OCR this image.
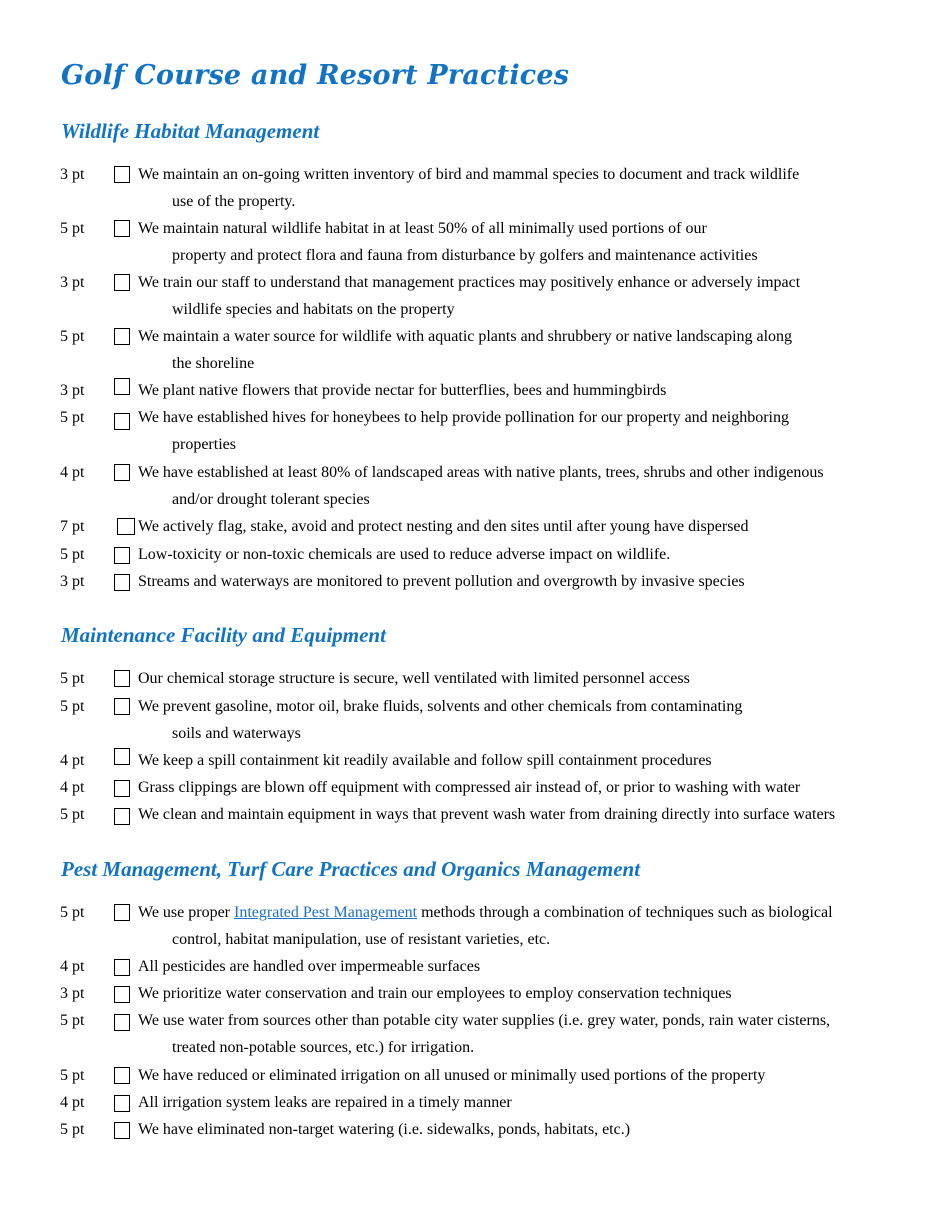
Golf Course and Resort Practices
Wildlife Habitat Management
3 pt	We maintain an on-going written inventory of bird and mammal species to document and track wildlife
use of the property.
5 pt	We maintain natural wildlife habitat in at least 50% of all minimally used portions of our
property and protect flora and fauna from disturbance by golfers and maintenance activities
3 pt	We train our staff to understand that management practices may positively enhance or adversely impact
wildlife species and habitats on the property
5 pt	We maintain a water source for wildlife with aquatic plants and shrubbery or native landscaping along
the shoreline
3 pt	We plant native flowers that provide nectar for butterflies, bees and hummingbirds
5 pt	We have established hives for honeybees to help provide pollination for our property and neighboring
properties
4 pt	We have established at least 80% of landscaped areas with native plants, trees, shrubs and other indigenous
and/or drought tolerant species
7 pt	We actively flag, stake, avoid and protect nesting and den sites until after young have dispersed
5 pt	Low-toxicity or non-toxic chemicals are used to reduce adverse impact on wildlife.
3 pt	Streams and waterways are monitored to prevent pollution and overgrowth by invasive species
Maintenance Facility and Equipment
5 pt	Our chemical storage structure is secure, well ventilated with limited personnel access
5 pt	We prevent gasoline, motor oil, brake fluids, solvents and other chemicals from contaminating
soils and waterways
4 pt	We keep a spill containment kit readily available and follow spill containment procedures
4 pt	Grass clippings are blown off equipment with compressed air instead of, or prior to washing with water
5 pt	We clean and maintain equipment in ways that prevent wash water from draining directly into surface waters
Pest Management, Turf Care Practices and Organics Management
5 pt	We use proper Integrated Pest Management methods through a combination of techniques such as biological
control, habitat manipulation, use of resistant varieties, etc.
4 pt	All pesticides are handled over impermeable surfaces
3 pt	We prioritize water conservation and train our employees to employ conservation techniques
5 pt	We use water from sources other than potable city water supplies (i.e. grey water, ponds, rain water cisterns,
treated non-potable sources, etc.) for irrigation.
5 pt	We have reduced or eliminated irrigation on all unused or minimally used portions of the property
4 pt	All irrigation system leaks are repaired in a timely manner
5 pt	We have eliminated non-target watering (i.e. sidewalks, ponds, habitats, etc.)
